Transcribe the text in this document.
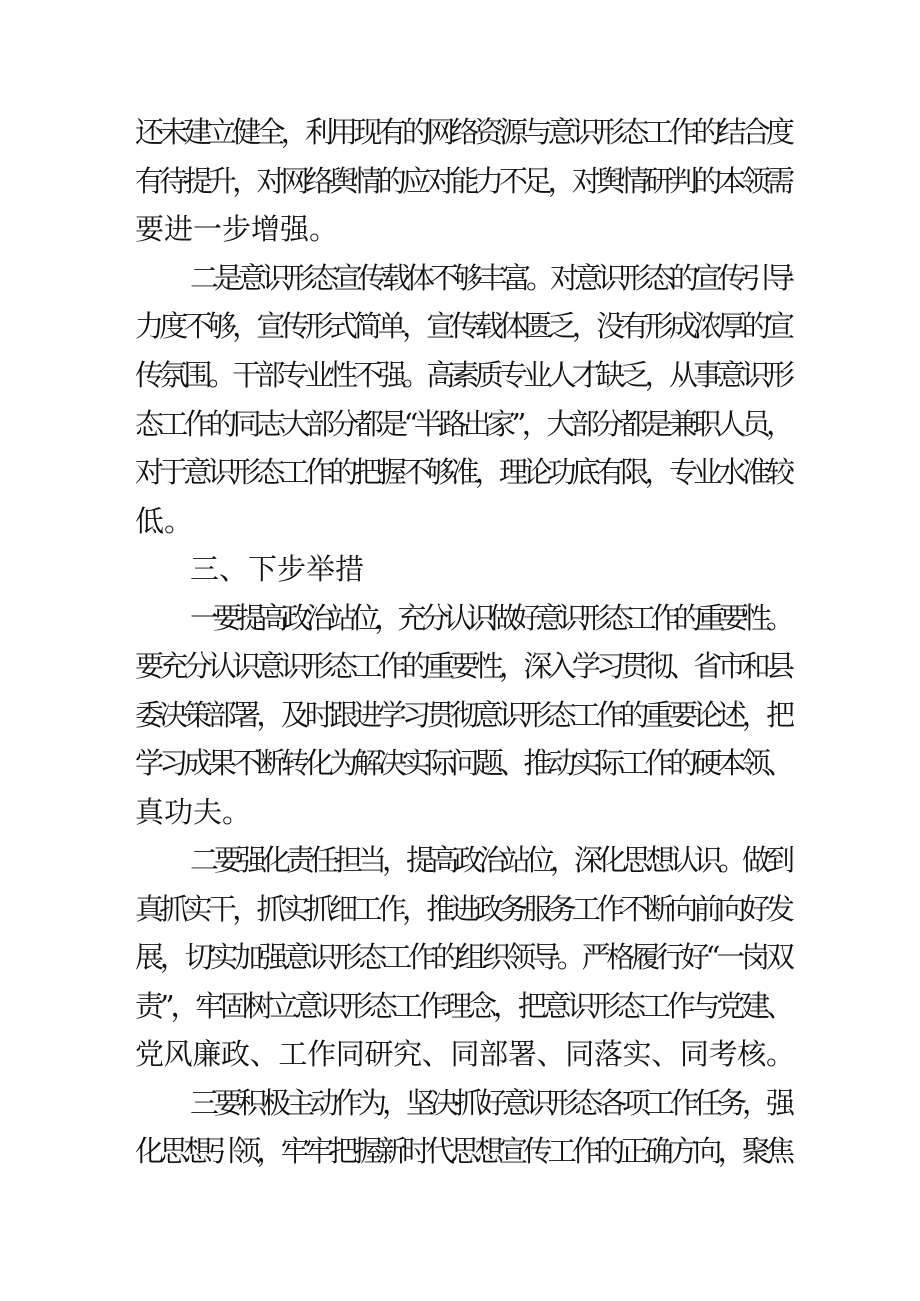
还未建立健全，利用现有的网络资源与意识形态工作的结合度
有待提升，对网络舆情的应对能力不足，对舆情研判的本领需
要进一步增强。
二是意识形态宣传载体不够丰富。对意识形态的宣传引导
力度不够，宣传形式简单，宣传载体匮乏，没有形成浓厚的宣
传氛围。干部专业性不强。高素质专业人才缺乏，从事意识形
态工作的同志大部分都是“半路出家”，大部分都是兼职人员，
对于意识形态工作的把握不够准，理论功底有限，专业水准较
低。
三、下步举措
一要提高政治站位，充分认识做好意识形态工作的重要性。
要充分认识意识形态工作的重要性，深入学习贯彻、省市和县
委决策部署，及时跟进学习贯彻意识形态工作的重要论述，把
学习成果不断转化为解决实际问题、推动实际工作的硬本领、
真功夫。
二要强化责任担当，提高政治站位，深化思想认识。做到
真抓实干，抓实抓细工作，推进政务服务工作不断向前向好发
展，切实加强意识形态工作的组织领导。严格履行好“一岗双
责”，牢固树立意识形态工作理念，把意识形态工作与党建、
党风廉政、工作同研究、同部署、同落实、同考核。
三要积极主动作为，坚决抓好意识形态各项工作任务，强
化思想引领，牢牢把握新时代思想宣传工作的正确方向，聚焦
